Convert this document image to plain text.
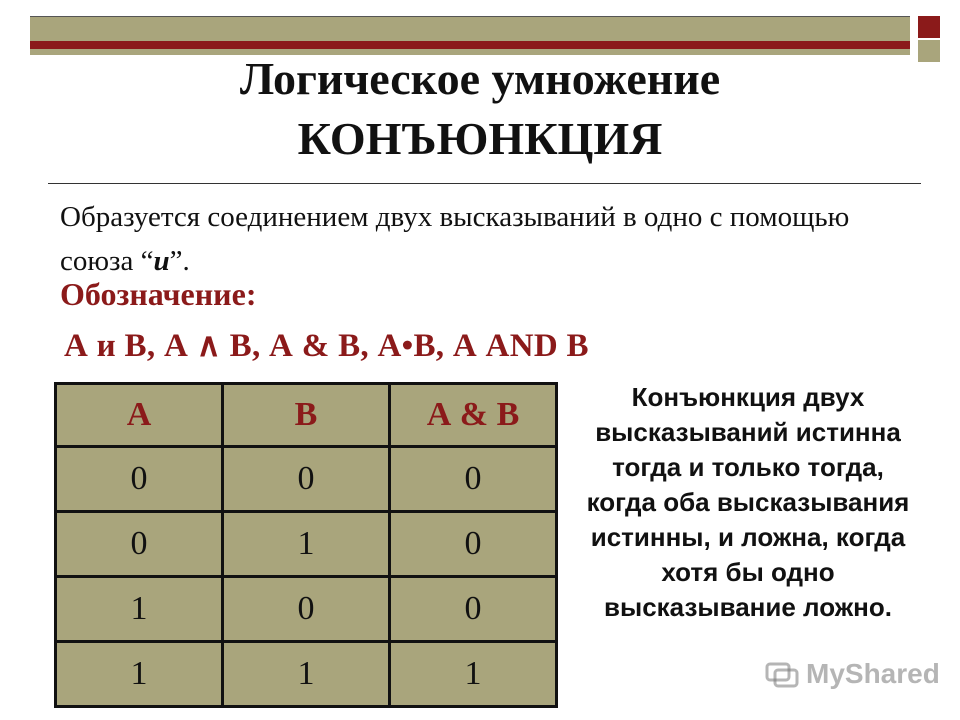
Логическое умножение
КОНЪЮНКЦИЯ
Образуется соединением двух высказываний в одно с помощью союза “и”.
Обозначение:
А и В, А ∧ В, А & В, А•В, А AND В
А	В	А & В
0	0	0
0	1	0
1	0	0
1	1	1
Конъюнкция двух высказываний истинна тогда и только тогда, когда оба высказывания истинны, и ложна, когда хотя бы одно высказывание ложно.
MyShared
